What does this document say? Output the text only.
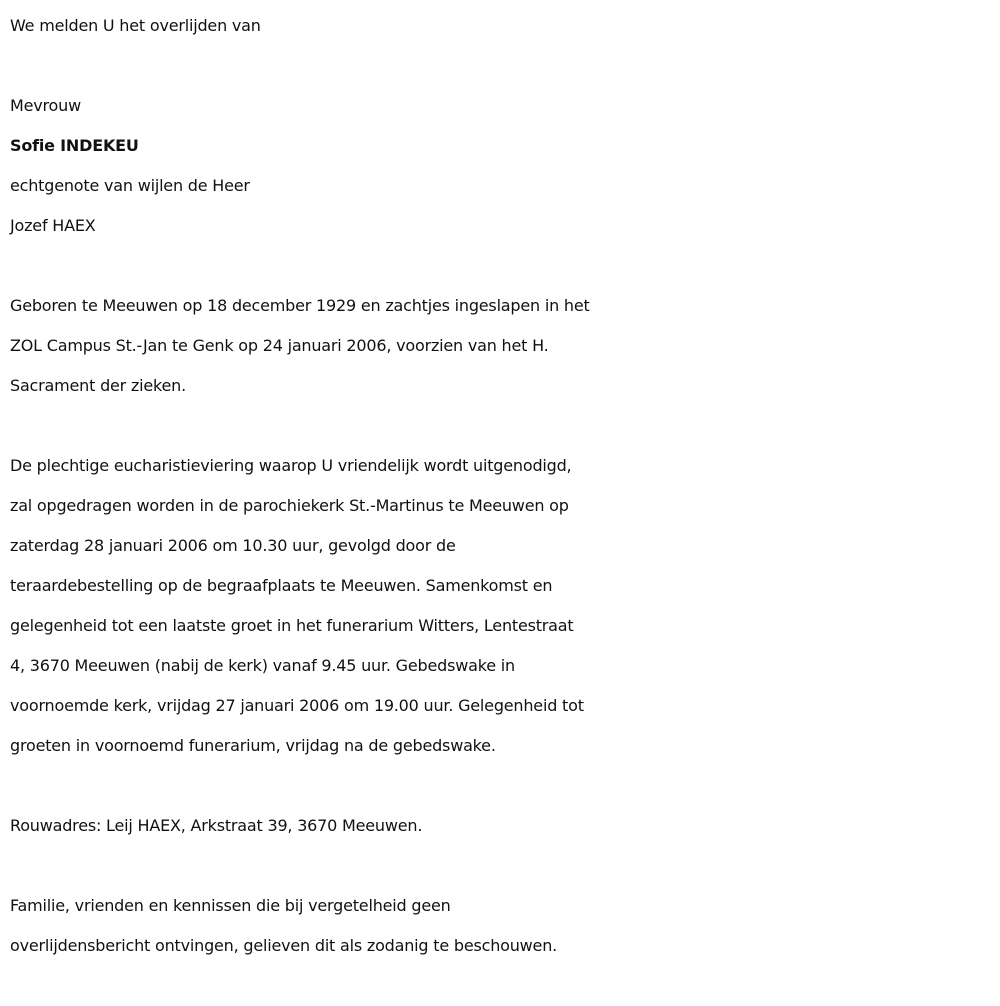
We melden U het overlijden van

Mevrouw

Sofie INDEKEU

echtgenote van wijlen de Heer

Jozef HAEX

Geboren te Meeuwen op 18 december 1929 en zachtjes ingeslapen in het

ZOL Campus St.-Jan te Genk op 24 januari 2006, voorzien van het H.

Sacrament der zieken.

De plechtige eucharistieviering waarop U vriendelijk wordt uitgenodigd,

zal opgedragen worden in de parochiekerk St.-Martinus te Meeuwen op

zaterdag 28 januari 2006 om 10.30 uur, gevolgd door de

teraardebestelling op de begraafplaats te Meeuwen. Samenkomst en

gelegenheid tot een laatste groet in het funerarium Witters, Lentestraat

4, 3670 Meeuwen (nabij de kerk) vanaf 9.45 uur. Gebedswake in

voornoemde kerk, vrijdag 27 januari 2006 om 19.00 uur. Gelegenheid tot

groeten in voornoemd funerarium, vrijdag na de gebedswake.

Rouwadres: Leij HAEX, Arkstraat 39, 3670 Meeuwen.

Familie, vrienden en kennissen die bij vergetelheid geen

overlijdensbericht ontvingen, gelieven dit als zodanig te beschouwen.
